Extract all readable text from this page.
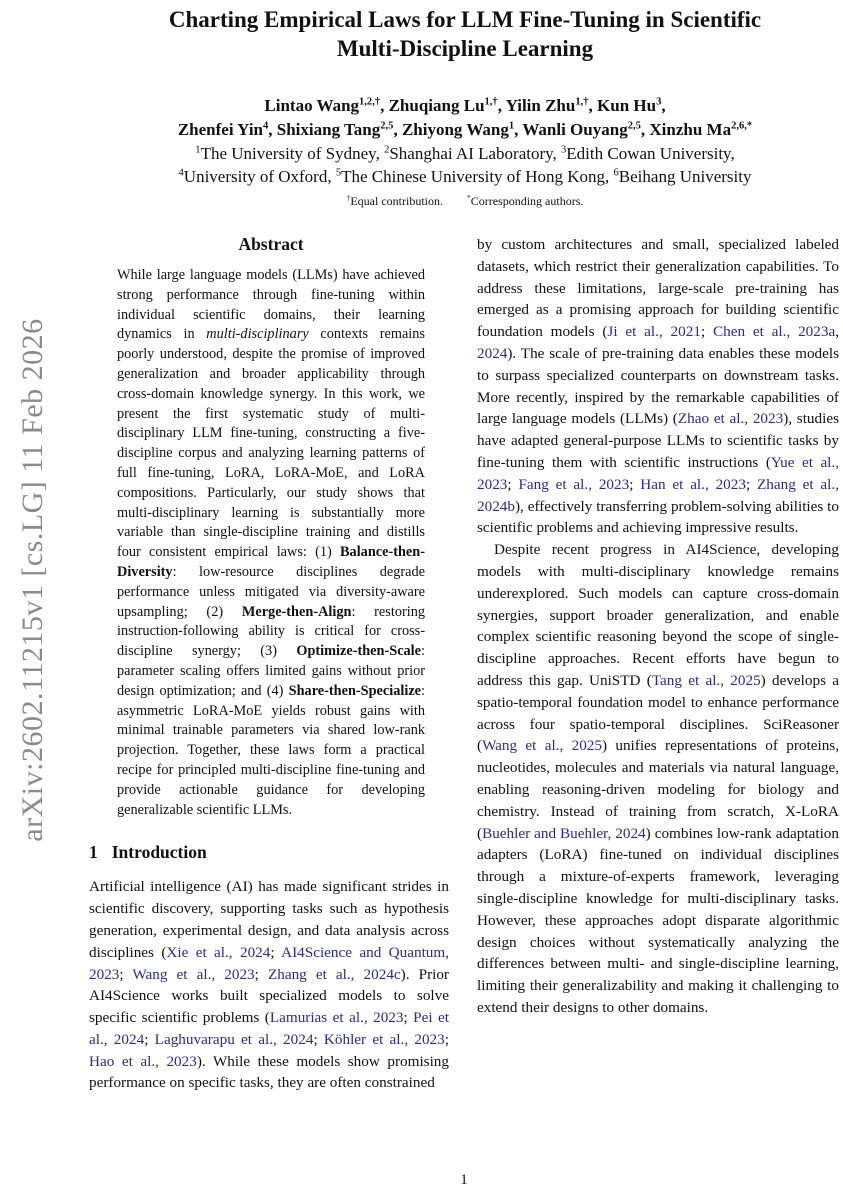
arXiv:2602.11215v1 [cs.LG] 11 Feb 2026
Charting Empirical Laws for LLM Fine-Tuning in Scientific
Multi-Discipline Learning
Lintao Wang$^{1,2,\dagger}$, Zhuqiang $Lu^{1,\dagger}$, Yilin Zhu$^{1,\dagger}$, Kun Hu$^3$,
Zhenfei Yin$^4$, Shixiang Tang$^{2,5}$, Zhiyong Wang$^1$, Wanli Ouyang$^{2,5}$, Xinzhu $Ma^{2,6,*}$
$^1$The University of Sydney, $^2$Shanghai AI Laboratory, $^3$Edith Cowan University,
$^4$University of Oxford, $^5$The Chinese University of Hong Kong, $^6$Beihang University
†Equal contribution.    	*Corresponding authors.
Abstract

While large language models (LLMs) have achieved strong performance through fine-tuning within individual scientific domains, their learning dynamics in multi-disciplinary contexts remains poorly understood, despite the promise of improved generalization and broader applicability through cross-domain knowledge synergy. In this work, we present the first systematic study of multi-disciplinary LLM fine-tuning, constructing a five-discipline corpus and analyzing learning patterns of full fine-tuning, LoRA, LoRA-MoE, and LoRA compositions. Particularly, our study shows that multi-disciplinary learning is substantially more variable than single-discipline training and distills four consistent empirical laws: (1) Balance-then-Diversity: low-resource disciplines degrade performance unless mitigated via diversity-aware upsampling; (2) Merge-then-Align: restoring instruction-following ability is critical for cross-discipline synergy; (3) Optimize-then-Scale: parameter scaling offers limited gains without prior design optimization; and (4) Share-then-Specialize: asymmetric LoRA-MoE yields robust gains with minimal trainable parameters via shared low-rank projection. Together, these laws form a practical recipe for principled multi-discipline fine-tuning and provide actionable guidance for developing generalizable scientific LLMs.

1 Introduction

Artificial intelligence (AI) has made significant strides in scientific discovery, supporting tasks such as hypothesis generation, experimental design, and data analysis across disciplines (Xie et al., 2024; AI4Science and Quantum, 2023; Wang et al., 2023; Zhang et al., 2024c). Prior AI4Science works built specialized models to solve specific scientific problems (Lamurias et al., 2023; Pei et al., 2024; Laghuvarapu et al., 2024; Köhler et al., 2023; Hao et al., 2023). While these models show promising performance on specific tasks, they are often constrained

by custom architectures and small, specialized labeled datasets, which restrict their generalization capabilities. To address these limitations, large-scale pre-training has emerged as a promising approach for building scientific foundation models (Ji et al., 2021; Chen et al., 2023a, 2024). The scale of pre-training data enables these models to surpass specialized counterparts on downstream tasks. More recently, inspired by the remarkable capabilities of large language models (LLMs) (Zhao et al., 2023), studies have adapted general-purpose LLMs to scientific tasks by fine-tuning them with scientific instructions (Yue et al., 2023; Fang et al., 2023; Han et al., 2023; Zhang et al., 2024b), effectively transferring problem-solving abilities to scientific problems and achieving impressive results.

Despite recent progress in AI4Science, developing models with multi-disciplinary knowledge remains underexplored. Such models can capture cross-domain synergies, support broader generalization, and enable complex scientific reasoning beyond the scope of single-discipline approaches. Recent efforts have begun to address this gap. UniSTD (Tang et al., 2025) develops a spatio-temporal foundation model to enhance performance across four spatio-temporal disciplines. SciReasoner (Wang et al., 2025) unifies representations of proteins, nucleotides, molecules and materials via natural language, enabling reasoning-driven modeling for biology and chemistry. Instead of training from scratch, X-LoRA (Buehler and Buehler, 2024) combines low-rank adaptation adapters (LoRA) fine-tuned on individual disciplines through a mixture-of-experts framework, leveraging single-discipline knowledge for multi-disciplinary tasks. However, these approaches adopt disparate algorithmic design choices without systematically analyzing the differences between multi- and single-discipline learning, limiting their generalizability and making it challenging to extend their designs to other domains.

1
